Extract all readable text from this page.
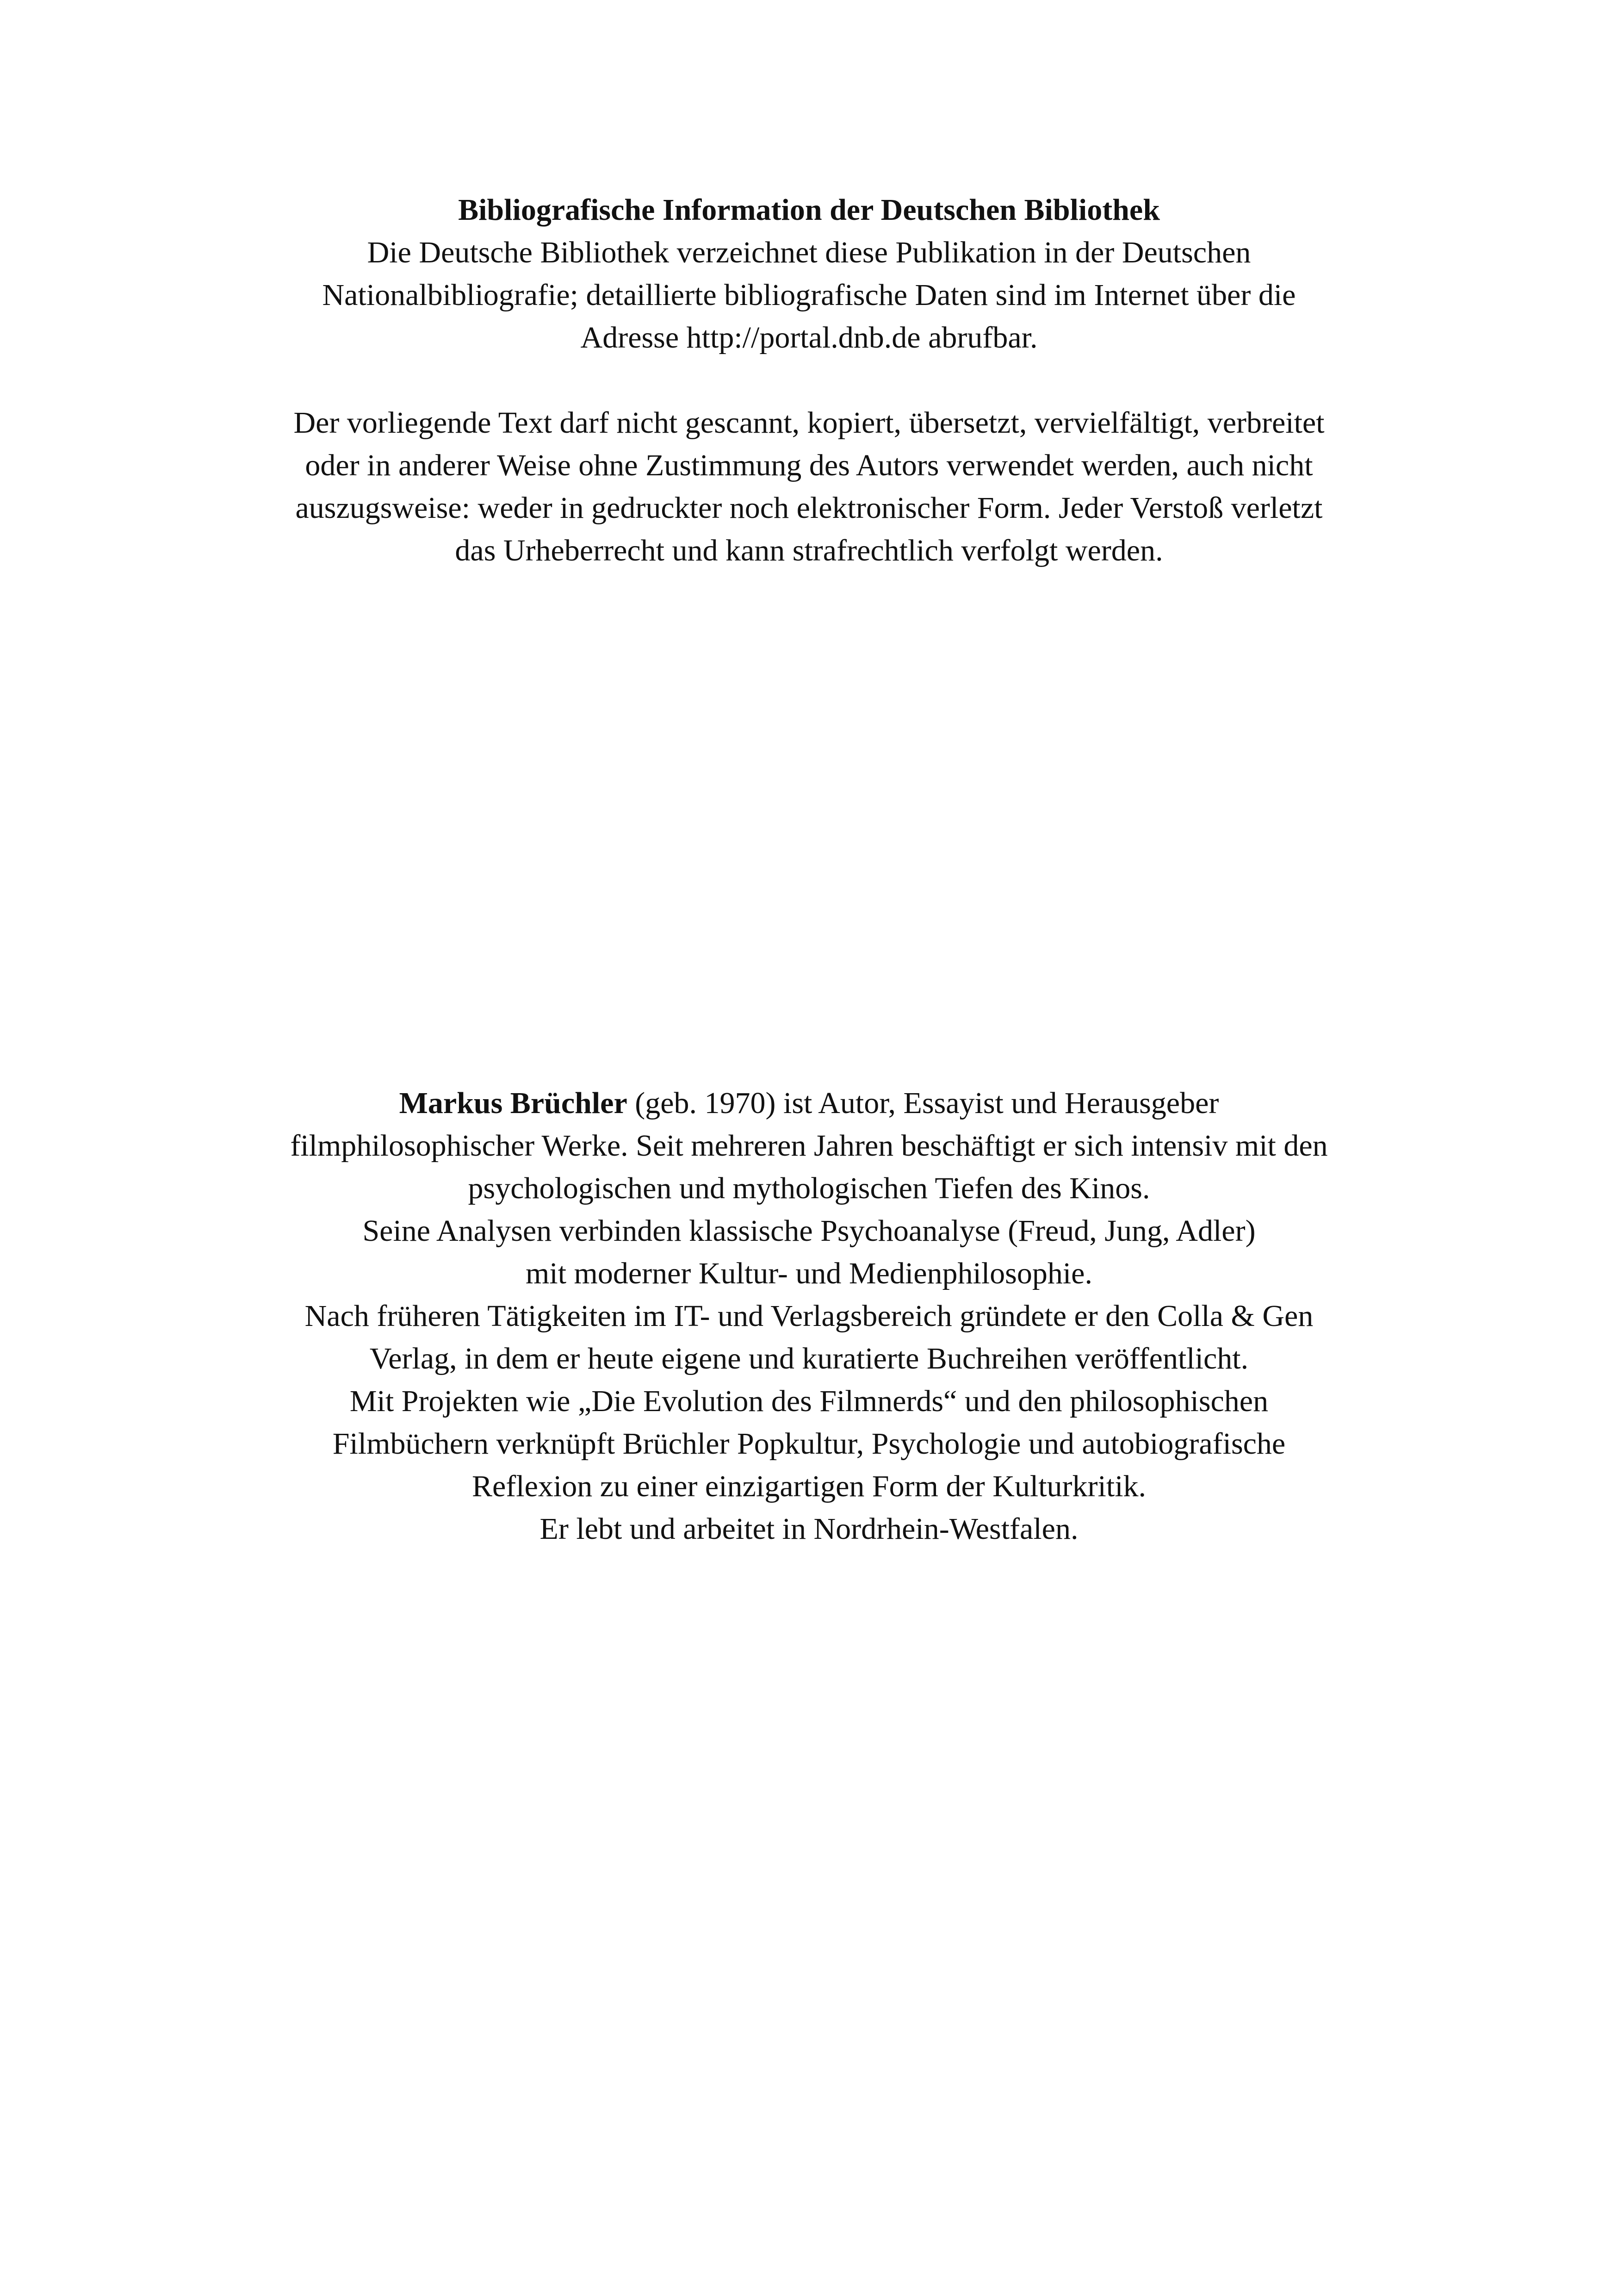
Bibliografische Information der Deutschen Bibliothek
Die Deutsche Bibliothek verzeichnet diese Publikation in der Deutschen
Nationalbibliografie; detaillierte bibliografische Daten sind im Internet über die
Adresse http://portal.dnb.de abrufbar.
Der vorliegende Text darf nicht gescannt, kopiert, übersetzt, vervielfältigt, verbreitet
oder in anderer Weise ohne Zustimmung des Autors verwendet werden, auch nicht
auszugsweise: weder in gedruckter noch elektronischer Form. Jeder Verstoß verletzt
das Urheberrecht und kann strafrechtlich verfolgt werden.
Markus Brüchler (geb. 1970) ist Autor, Essayist und Herausgeber
filmphilosophischer Werke. Seit mehreren Jahren beschäftigt er sich intensiv mit den
psychologischen und mythologischen Tiefen des Kinos.
Seine Analysen verbinden klassische Psychoanalyse (Freud, Jung, Adler)
mit moderner Kultur- und Medienphilosophie.
Nach früheren Tätigkeiten im IT- und Verlagsbereich gründete er den Colla & Gen
Verlag, in dem er heute eigene und kuratierte Buchreihen veröffentlicht.
Mit Projekten wie „Die Evolution des Filmnerds“ und den philosophischen
Filmbüchern verknüpft Brüchler Popkultur, Psychologie und autobiografische
Reflexion zu einer einzigartigen Form der Kulturkritik.
Er lebt und arbeitet in Nordrhein-Westfalen.
